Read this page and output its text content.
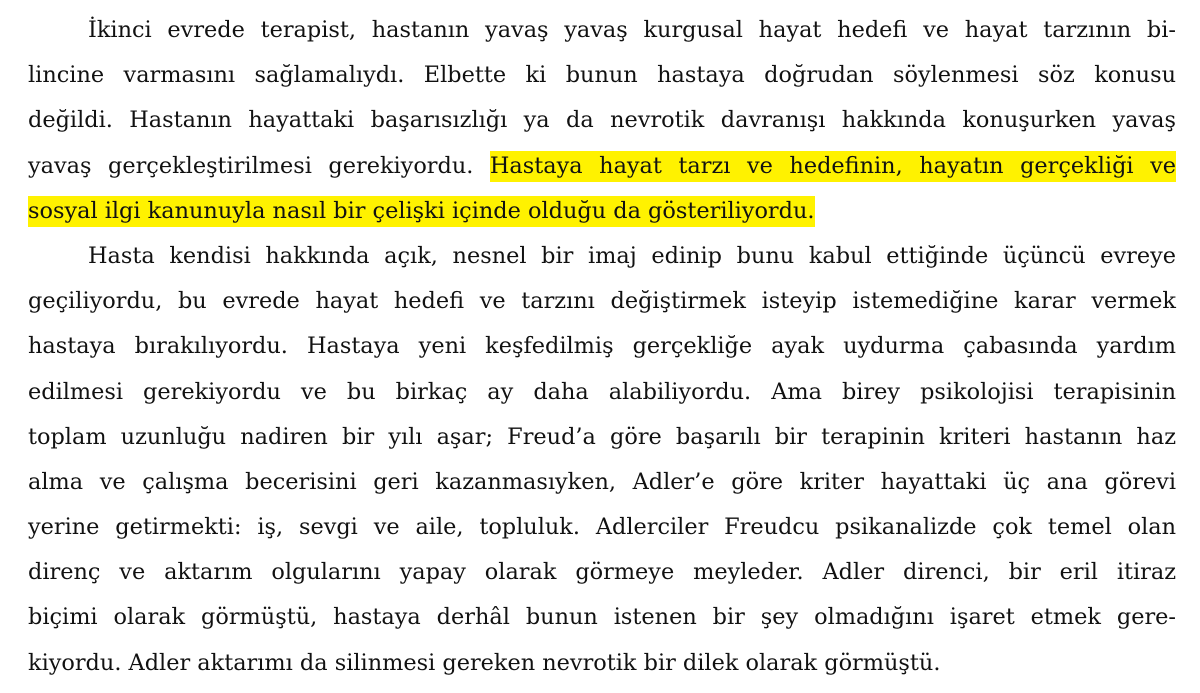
İkinci evrede terapist, hastanın yavaş yavaş kurgusal hayat hedefi ve hayat tarzının bi-
lincine varmasını sağlamalıydı. Elbette ki bunun hastaya doğrudan söylenmesi söz konusu
değildi. Hastanın hayattaki başarısızlığı ya da nevrotik davranışı hakkında konuşurken yavaş
yavaş gerçekleştirilmesi gerekiyordu. Hastaya hayat tarzı ve hedefinin, hayatın gerçekliği ve
sosyal ilgi kanunuyla nasıl bir çelişki içinde olduğu da gösteriliyordu.
Hasta kendisi hakkında açık, nesnel bir imaj edinip bunu kabul ettiğinde üçüncü evreye
geçiliyordu, bu evrede hayat hedefi ve tarzını değiştirmek isteyip istemediğine karar vermek
hastaya bırakılıyordu. Hastaya yeni keşfedilmiş gerçekliğe ayak uydurma çabasında yardım
edilmesi gerekiyordu ve bu birkaç ay daha alabiliyordu. Ama birey psikolojisi terapisinin
toplam uzunluğu nadiren bir yılı aşar; Freud’a göre başarılı bir terapinin kriteri hastanın haz
alma ve çalışma becerisini geri kazanmasıyken, Adler’e göre kriter hayattaki üç ana görevi
yerine getirmekti: iş, sevgi ve aile, topluluk. Adlerciler Freudcu psikanalizde çok temel olan
direnç ve aktarım olgularını yapay olarak görmeye meyleder. Adler direnci, bir eril itiraz
biçimi olarak görmüştü, hastaya derhâl bunun istenen bir şey olmadığını işaret etmek gere-
kiyordu. Adler aktarımı da silinmesi gereken nevrotik bir dilek olarak görmüştü.
